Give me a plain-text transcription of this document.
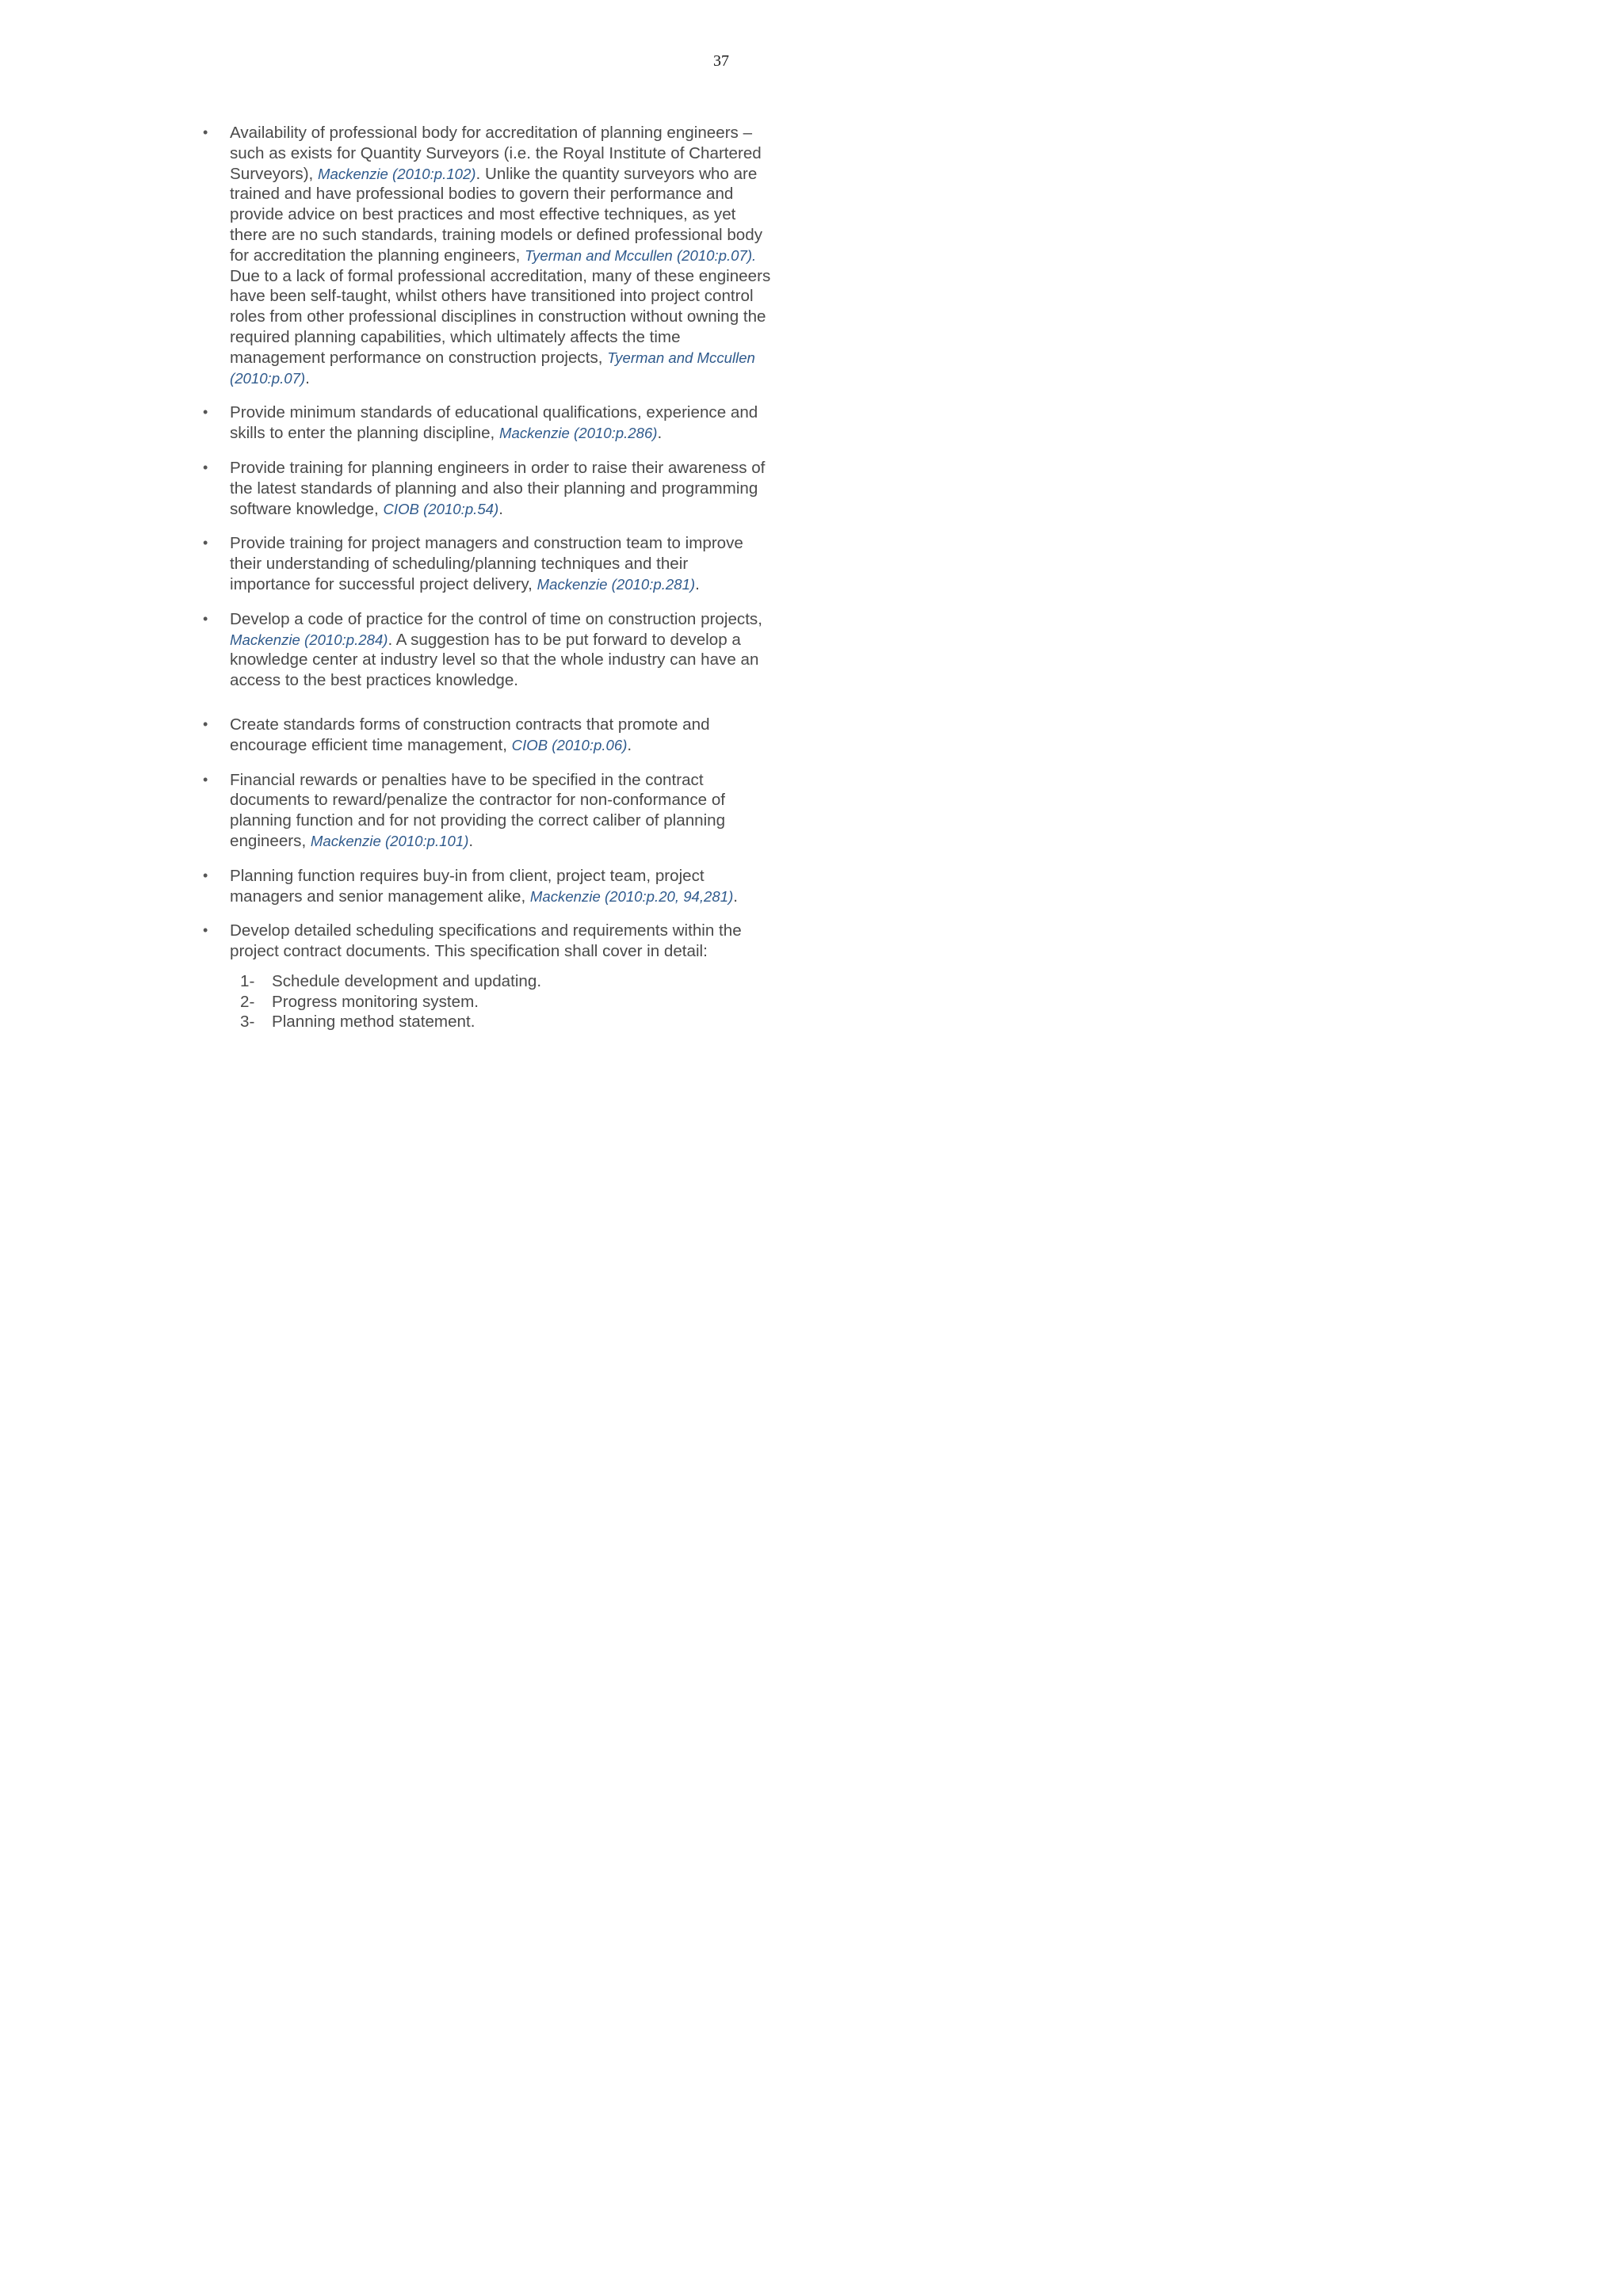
37
• Availability of professional body for accreditation of planning engineers – such as exists for Quantity Surveyors (i.e. the Royal Institute of Chartered Surveyors), Mackenzie (2010:p.102). Unlike the quantity surveyors who are trained and have professional bodies to govern their performance and provide advice on best practices and most effective techniques, as yet there are no such standards, training models or defined professional body for accreditation the planning engineers, Tyerman and Mccullen (2010:p.07). Due to a lack of formal professional accreditation, many of these engineers have been self-taught, whilst others have transitioned into project control roles from other professional disciplines in construction without owning the required planning capabilities, which ultimately affects the time management performance on construction projects, Tyerman and Mccullen (2010:p.07).
• Provide minimum standards of educational qualifications, experience and skills to enter the planning discipline, Mackenzie (2010:p.286).
• Provide training for planning engineers in order to raise their awareness of the latest standards of planning and also their planning and programming software knowledge, CIOB (2010:p.54).
• Provide training for project managers and construction team to improve their understanding of scheduling/planning techniques and their importance for successful project delivery, Mackenzie (2010:p.281).
• Develop a code of practice for the control of time on construction projects, Mackenzie (2010:p.284). A suggestion has to be put forward to develop a knowledge center at industry level so that the whole industry can have an access to the best practices knowledge.
• Create standards forms of construction contracts that promote and encourage efficient time management, CIOB (2010:p.06).
• Financial rewards or penalties have to be specified in the contract documents to reward/penalize the contractor for non-conformance of planning function and for not providing the correct caliber of planning engineers, Mackenzie (2010:p.101).
• Planning function requires buy-in from client, project team, project managers and senior management alike, Mackenzie (2010:p.20, 94,281).
• Develop detailed scheduling specifications and requirements within the project contract documents. This specification shall cover in detail:
1- Schedule development and updating.
2- Progress monitoring system.
3- Planning method statement.
